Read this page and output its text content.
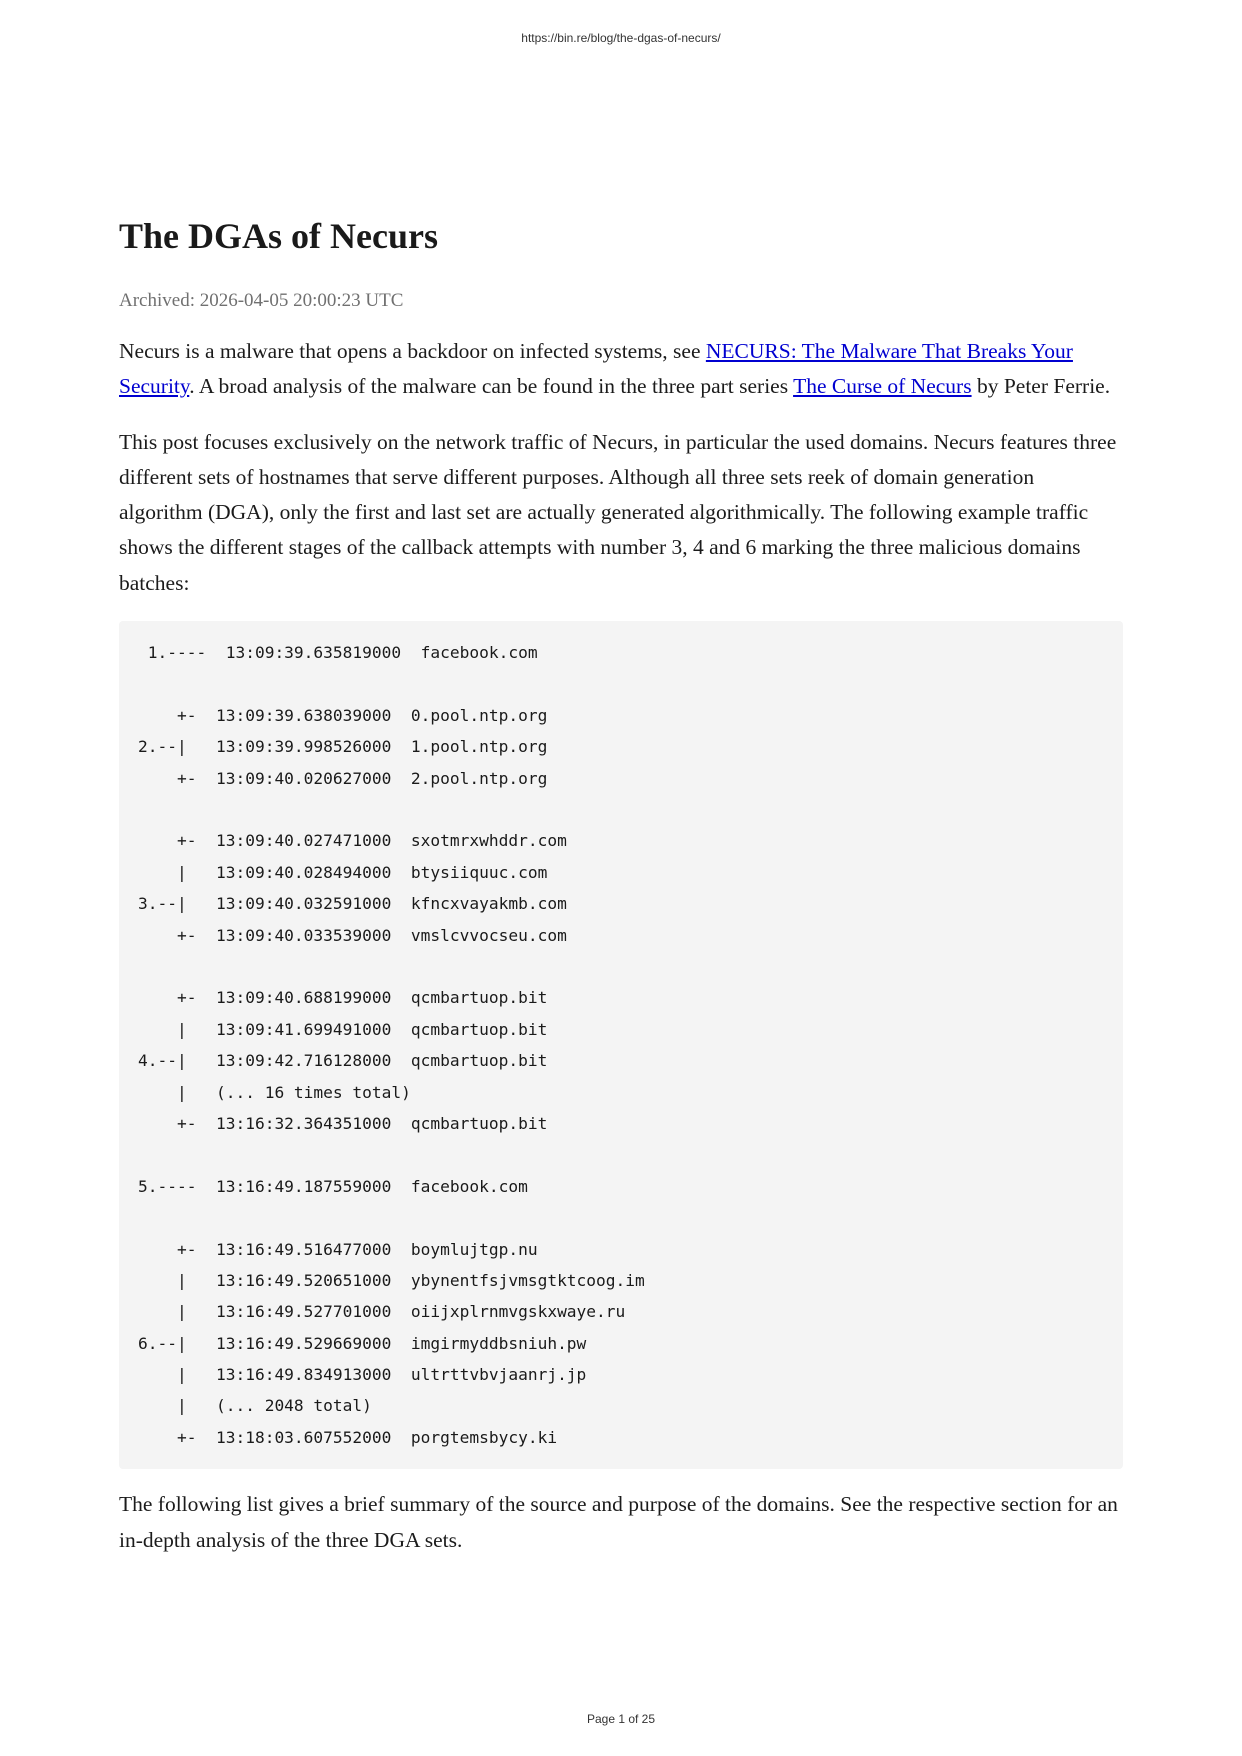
https://bin.re/blog/the-dgas-of-necurs/
The DGAs of Necurs
Archived: 2026-04-05 20:00:23 UTC

Necurs is a malware that opens a backdoor on infected systems, see NECURS: The Malware That Breaks Your Security. A broad analysis of the malware can be found in the three part series The Curse of Necurs by Peter Ferrie.

This post focuses exclusively on the network traffic of Necurs, in particular the used domains. Necurs features three different sets of hostnames that serve different purposes. Although all three sets reek of domain generation algorithm (DGA), only the first and last set are actually generated algorithmically. The following example traffic shows the different stages of the callback attempts with number 3, 4 and 6 marking the three malicious domains batches:

1.----  13:09:39.635819000  facebook.com
+-  13:09:39.638039000  0.pool.ntp.org
2.--|   13:09:39.998526000  1.pool.ntp.org
+-  13:09:40.020627000  2.pool.ntp.org
+-  13:09:40.027471000  sxotmrxwhddr.com
|   13:09:40.028494000  btysiiquuc.com
3.--|   13:09:40.032591000  kfncxvayakmb.com
+-  13:09:40.033539000  vmslcvvocseu.com
+-  13:09:40.688199000  qcmbartuop.bit
|   13:09:41.699491000  qcmbartuop.bit
4.--|   13:09:42.716128000  qcmbartuop.bit
|   (... 16 times total)
+-  13:16:32.364351000  qcmbartuop.bit
5.----  13:16:49.187559000  facebook.com
+-  13:16:49.516477000  boymlujtgp.nu
|   13:16:49.520651000  ybynentfsjvmsgtktcoog.im
|   13:16:49.527701000  oiijxplrnmvgskxwaye.ru
6.--|   13:16:49.529669000  imgirmyddbsniuh.pw
|   13:16:49.834913000  ultrttvbvjaanrj.jp
|   (... 2048 total)
+-  13:18:03.607552000  porgtemsbycy.ki

The following list gives a brief summary of the source and purpose of the domains. See the respective section for an in-depth analysis of the three DGA sets.

Page 1 of 25
